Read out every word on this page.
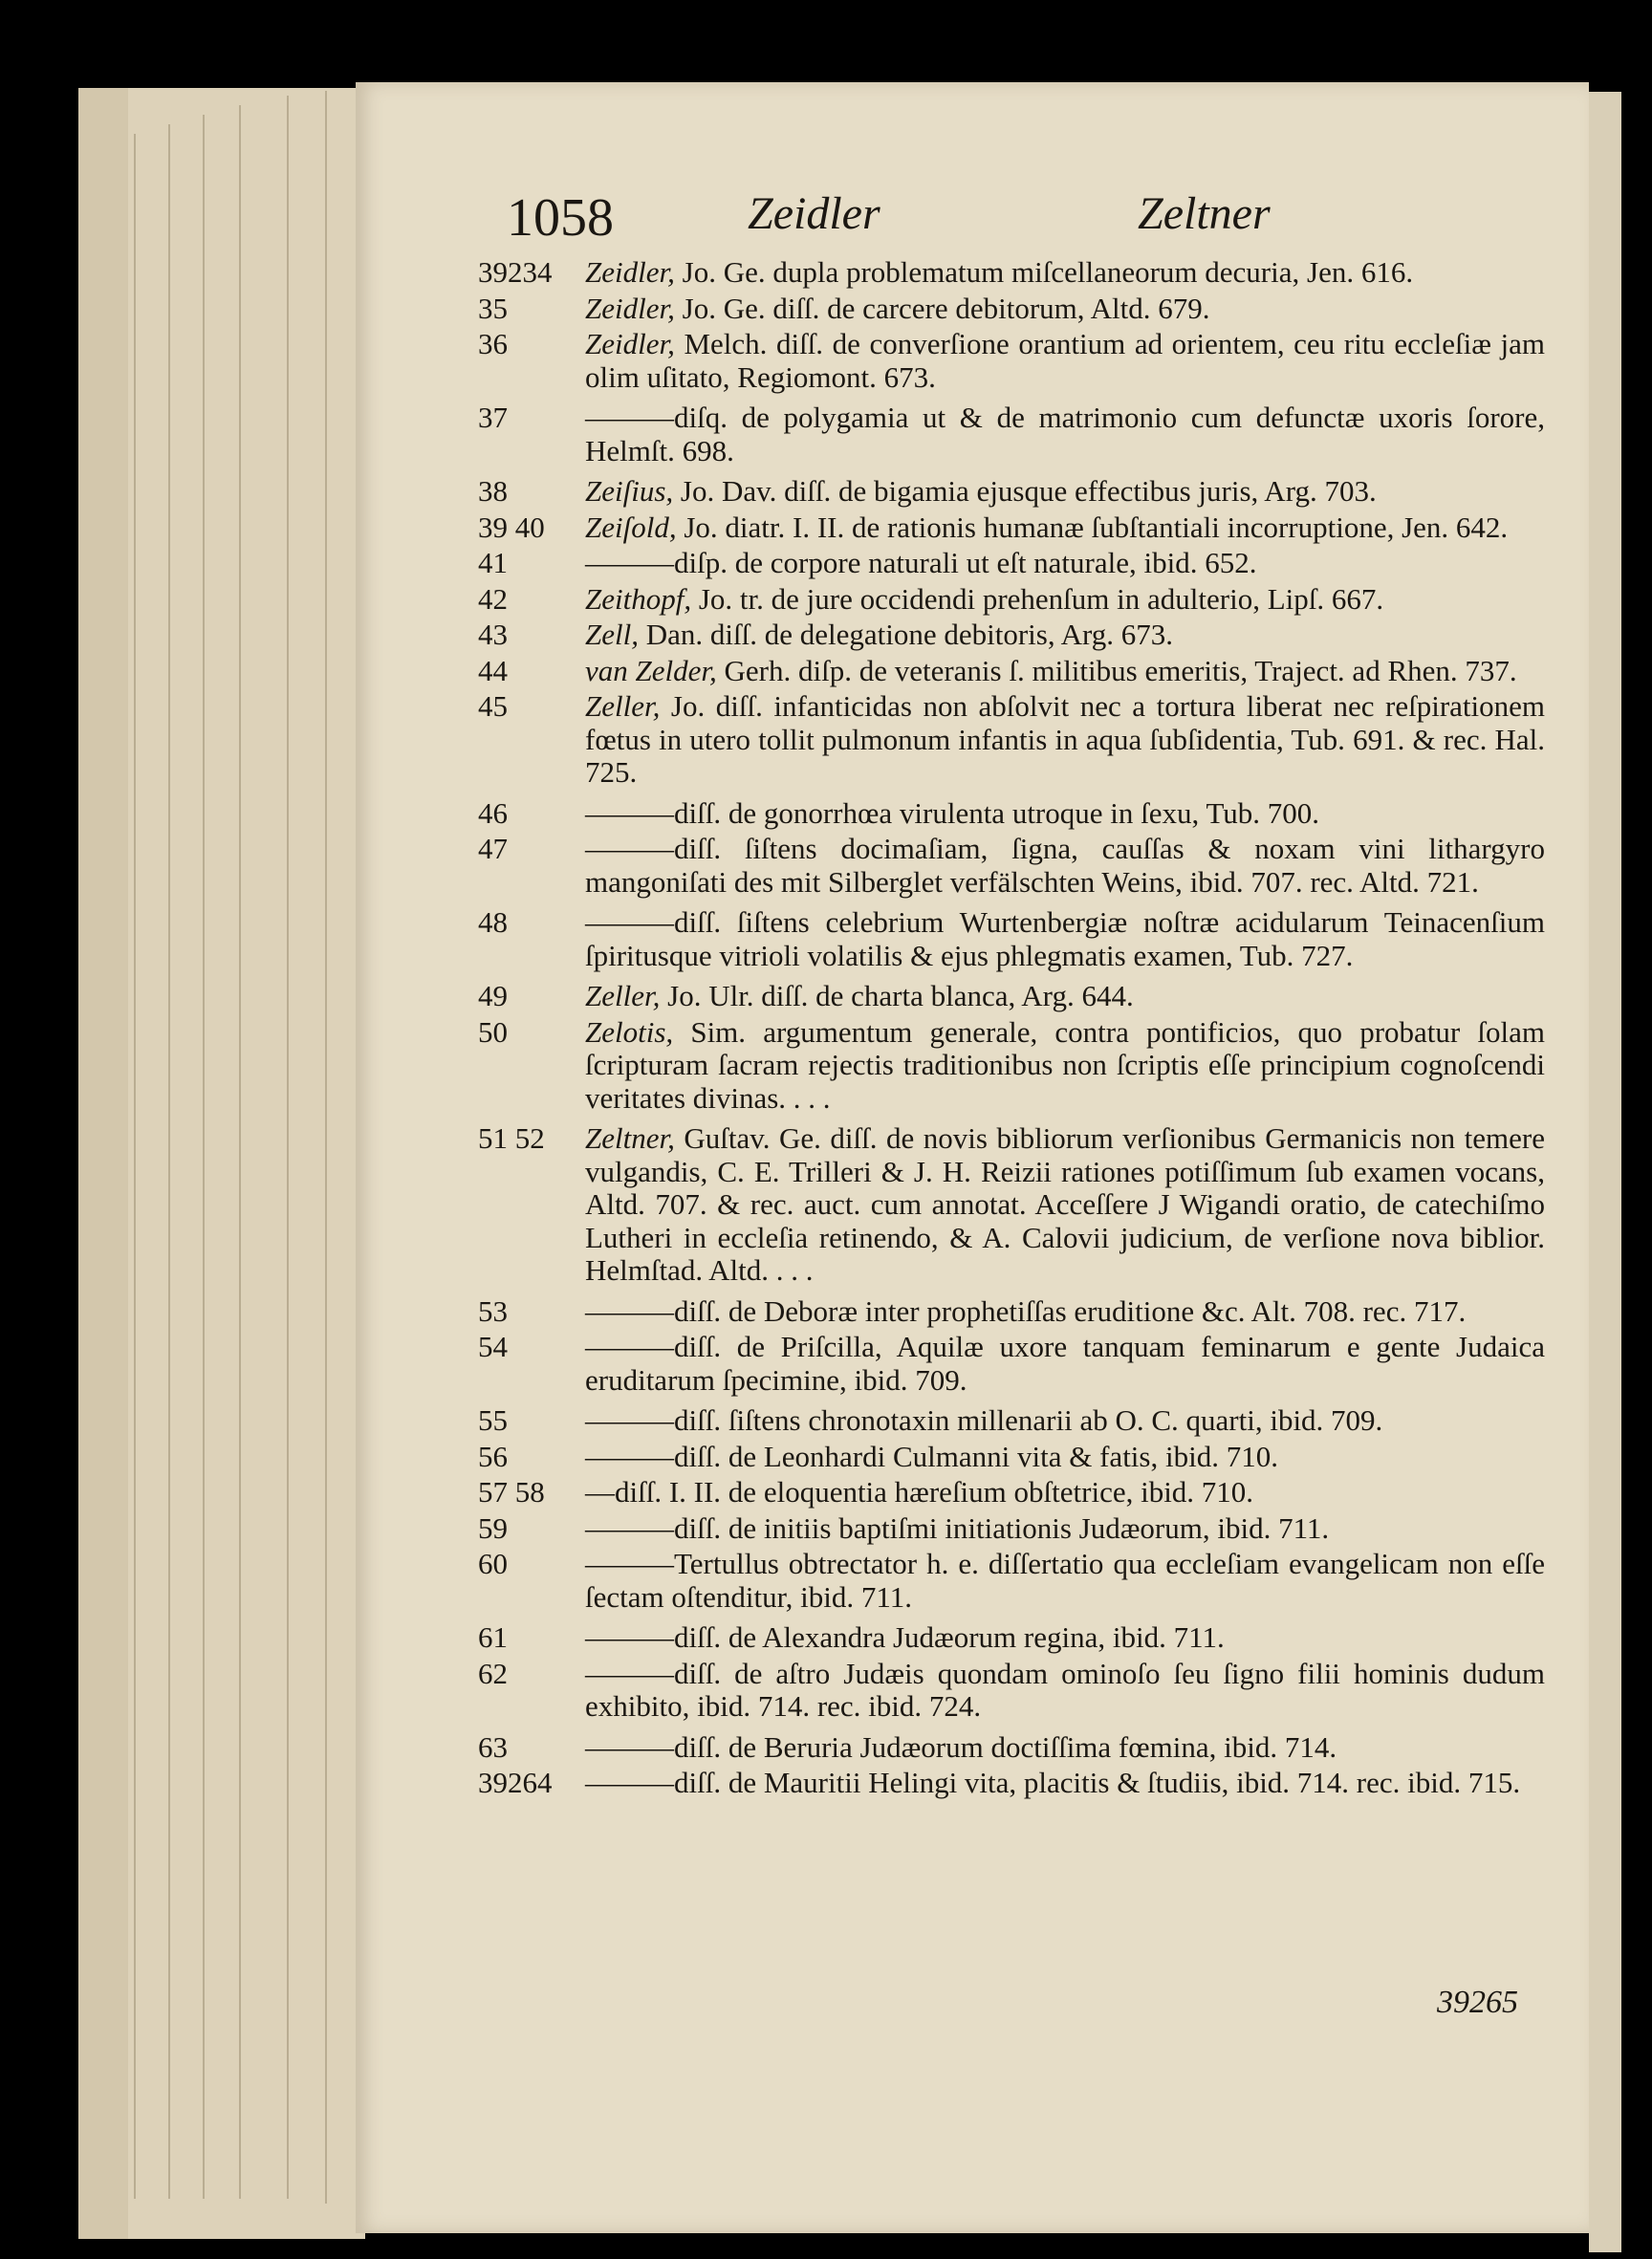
1058	Zeidler	Zeltner
39234	Zeidler, Jo. Ge. dupla problematum miſcellaneorum decuria, Jen. 616.
35	Zeidler, Jo. Ge. diſſ. de carcere debitorum, Altd. 679.
36	Zeidler, Melch. diſſ. de converſione orantium ad orientem, ceu ritu eccleſiæ jam olim uſitato, Regiomont. 673.
37	———diſq. de polygamia ut & de matrimonio cum defunctæ uxoris ſorore, Helmſt. 698.
38	Zeiſius, Jo. Dav. diſſ. de bigamia ejusque effectibus juris, Arg. 703.
39 40	Zeiſold, Jo. diatr. I. II. de rationis humanæ ſubſtantiali incorruptione, Jen. 642.
41	———diſp. de corpore naturali ut eſt naturale, ibid. 652.
42	Zeithopf, Jo. tr. de jure occidendi prehenſum in adulterio, Lipſ. 667.
43	Zell, Dan. diſſ. de delegatione debitoris, Arg. 673.
44	van Zelder, Gerh. diſp. de veteranis ſ. militibus emeritis, Traject. ad Rhen. 737.
45	Zeller, Jo. diſſ. infanticidas non abſolvit nec a tortura liberat nec reſpirationem fœtus in utero tollit pulmonum infantis in aqua ſubſidentia, Tub. 691. & rec. Hal. 725.
46	———diſſ. de gonorrhœa virulenta utroque in ſexu, Tub. 700.
47	———diſſ. ſiſtens docimaſiam, ſigna, cauſſas & noxam vini lithargyro mangoniſati des mit Silberglet verfälschten Weins, ibid. 707. rec. Altd. 721.
48	———diſſ. ſiſtens celebrium Wurtenbergiæ noſtræ acidularum Teinacenſium ſpiritusque vitrioli volatilis & ejus phlegmatis examen, Tub. 727.
49	Zeller, Jo. Ulr. diſſ. de charta blanca, Arg. 644.
50	Zelotis, Sim. argumentum generale, contra pontificios, quo probatur ſolam ſcripturam ſacram rejectis traditionibus non ſcriptis eſſe principium cognoſcendi veritates divinas. . . .
51 52	Zeltner, Guſtav. Ge. diſſ. de novis bibliorum verſionibus Germanicis non temere vulgandis, C. E. Trilleri & J. H. Reizii rationes potiſſimum ſub examen vocans, Altd. 707. & rec. auct. cum annotat. Acceſſere J Wigandi oratio, de catechiſmo Lutheri in eccleſia retinendo, & A. Calovii judicium, de verſione nova biblior. Helmſtad. Altd. . . .
53	———diſſ. de Deboræ inter prophetiſſas eruditione &c. Alt. 708. rec. 717.
54	———diſſ. de Priſcilla, Aquilæ uxore tanquam feminarum e gente Judaica eruditarum ſpecimine, ibid. 709.
55	———diſſ. ſiſtens chronotaxin millenarii ab O. C. quarti, ibid. 709.
56	———diſſ. de Leonhardi Culmanni vita & fatis, ibid. 710.
57 58	—diſſ. I. II. de eloquentia hæreſium obſtetrice, ibid. 710.
59	———diſſ. de initiis baptiſmi initiationis Judæorum, ibid. 711.
60	———Tertullus obtrectator h. e. diſſertatio qua eccleſiam evangelicam non eſſe ſectam oſtenditur, ibid. 711.
61	———diſſ. de Alexandra Judæorum regina, ibid. 711.
62	———diſſ. de aſtro Judæis quondam ominoſo ſeu ſigno filii hominis dudum exhibito, ibid. 714. rec. ibid. 724.
63	———diſſ. de Beruria Judæorum doctiſſima fœmina, ibid. 714.
39264	———diſſ. de Mauritii Helingi vita, placitis & ſtudiis, ibid. 714. rec. ibid. 715.
39265
